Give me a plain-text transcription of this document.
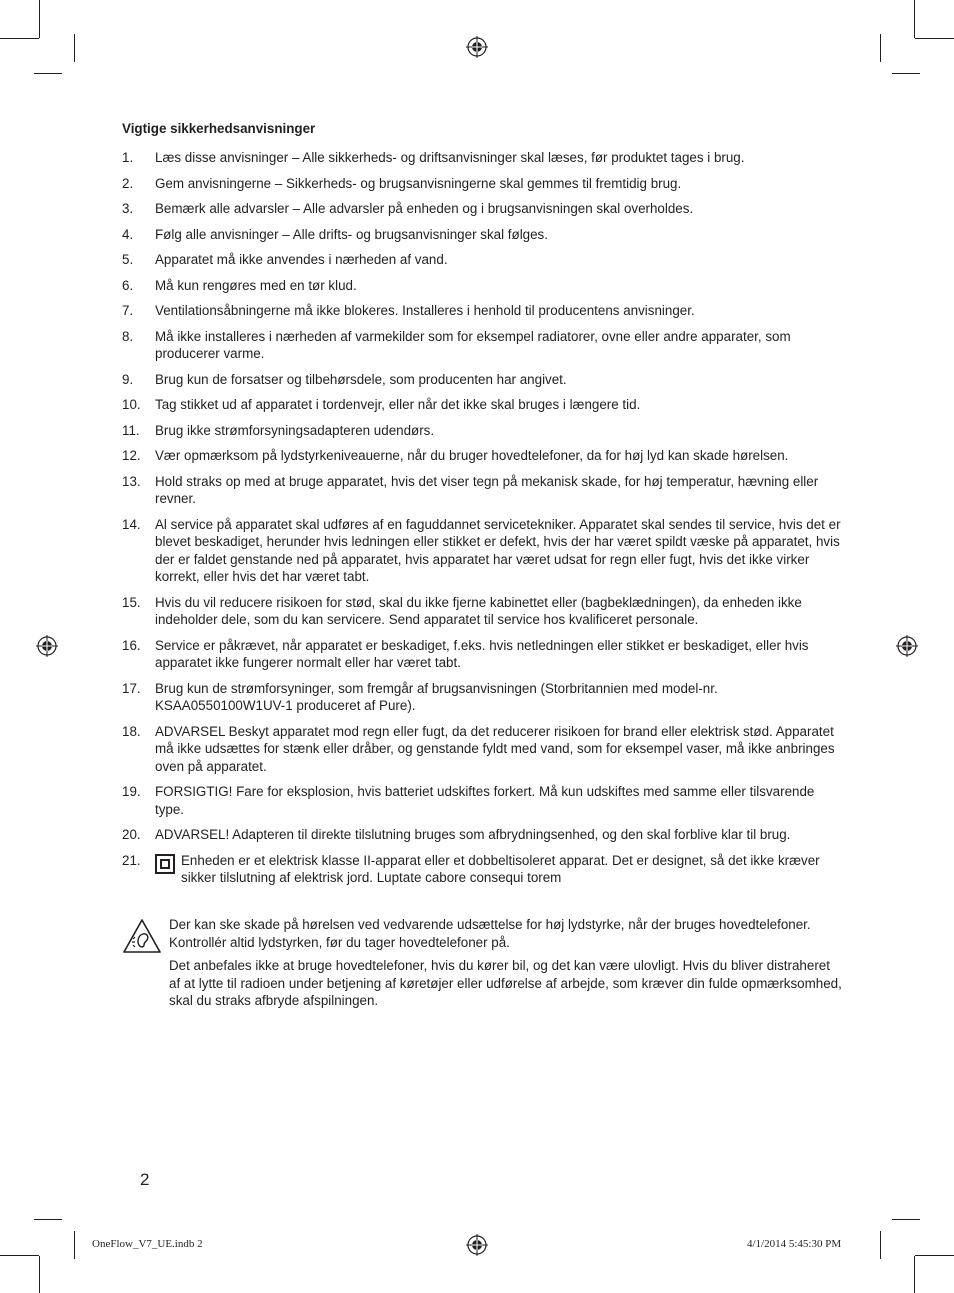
Vigtige sikkerhedsanvisninger
1. Læs disse anvisninger – Alle sikkerheds- og driftsanvisninger skal læses, før produktet tages i brug.
2. Gem anvisningerne – Sikkerheds- og brugsanvisningerne skal gemmes til fremtidig brug.
3. Bemærk alle advarsler – Alle advarsler på enheden og i brugsanvisningen skal overholdes.
4. Følg alle anvisninger – Alle drifts- og brugsanvisninger skal følges.
5. Apparatet må ikke anvendes i nærheden af vand.
6. Må kun rengøres med en tør klud.
7. Ventilationsåbningerne må ikke blokeres. Installeres i henhold til producentens anvisninger.
8. Må ikke installeres i nærheden af varmekilder som for eksempel radiatorer, ovne eller andre apparater, som producerer varme.
9. Brug kun de forsatser og tilbehørsdele, som producenten har angivet.
10. Tag stikket ud af apparatet i tordenvejr, eller når det ikke skal bruges i længere tid.
11. Brug ikke strømforsyningsadapteren udendørs.
12. Vær opmærksom på lydstyrkeniveauerne, når du bruger hovedtelefoner, da for høj lyd kan skade hørelsen.
13. Hold straks op med at bruge apparatet, hvis det viser tegn på mekanisk skade, for høj temperatur, hævning eller revner.
14. Al service på apparatet skal udføres af en faguddannet servicetekniker. Apparatet skal sendes til service, hvis det er blevet beskadiget, herunder hvis ledningen eller stikket er defekt, hvis der har været spildt væske på apparatet, hvis der er faldet genstande ned på apparatet, hvis apparatet har været udsat for regn eller fugt, hvis det ikke virker korrekt, eller hvis det har været tabt.
15. Hvis du vil reducere risikoen for stød, skal du ikke fjerne kabinettet eller (bagbeklædningen), da enheden ikke indeholder dele, som du kan servicere. Send apparatet til service hos kvalificeret personale.
16. Service er påkrævet, når apparatet er beskadiget, f.eks. hvis netledningen eller stikket er beskadiget, eller hvis apparatet ikke fungerer normalt eller har været tabt.
17. Brug kun de strømforsyninger, som fremgår af brugsanvisningen (Storbritannien med model-nr. KSAA0550100W1UV-1 produceret af Pure).
18. ADVARSEL Beskyt apparatet mod regn eller fugt, da det reducerer risikoen for brand eller elektrisk stød. Apparatet må ikke udsættes for stænk eller dråber, og genstande fyldt med vand, som for eksempel vaser, må ikke anbringes oven på apparatet.
19. FORSIGTIG! Fare for eksplosion, hvis batteriet udskiftes forkert. Må kun udskiftes med samme eller tilsvarende type.
20. ADVARSEL! Adapteren til direkte tilslutning bruges som afbrydningsenhed, og den skal forblive klar til brug.
21.	Enheden er et elektrisk klasse II-apparat eller et dobbeltisoleret apparat. Det er designet, så det ikke kræver sikker tilslutning af elektrisk jord. Luptate cabore consequi torem

Der kan ske skade på hørelsen ved vedvarende udsættelse for høj lydstyrke, når der bruges hovedtelefoner. Kontrollér altid lydstyrken, før du tager hovedtelefoner på.

Det anbefales ikke at bruge hovedtelefoner, hvis du kører bil, og det kan være ulovligt. Hvis du bliver distraheret af at lytte til radioen under betjening af køretøjer eller udførelse af arbejde, som kræver din fulde opmærksomhed, skal du straks afbryde afspilningen.

2
OneFlow_V7_UE.indb 2	4/1/2014 5:45:30 PM
